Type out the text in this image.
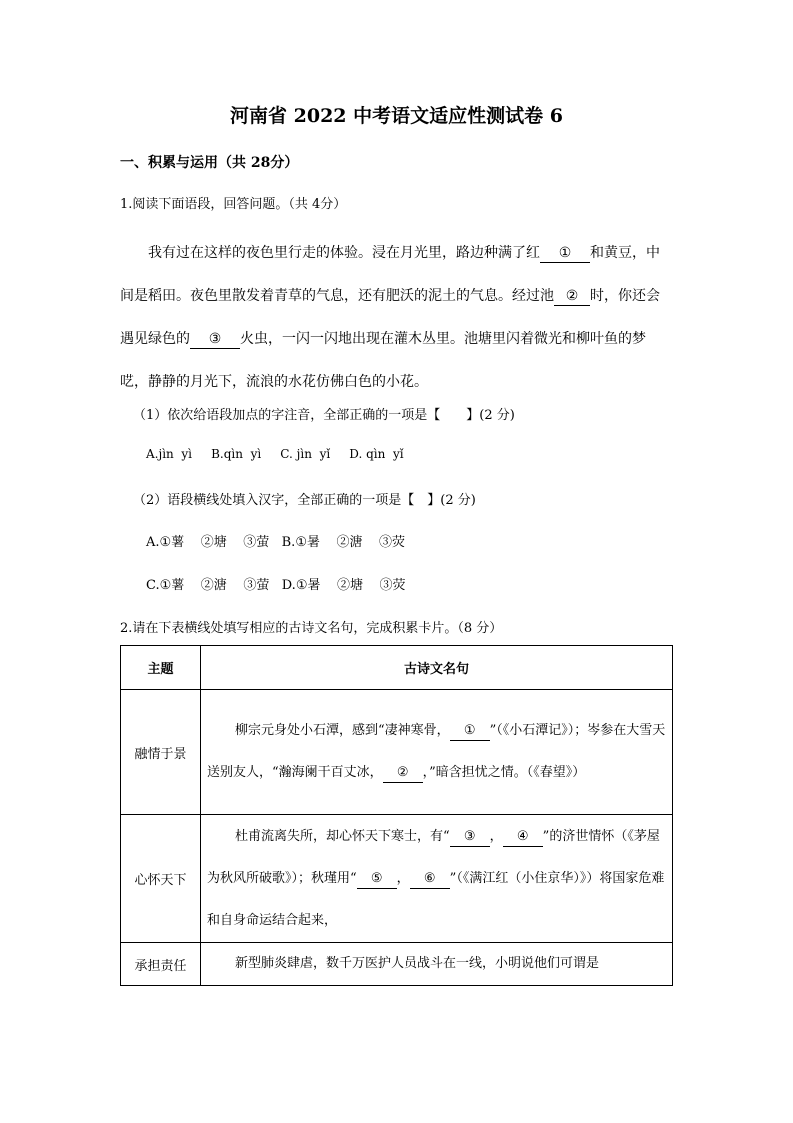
河南省 2022 中考语文适应性测试卷 6
一、积累与运用（共 28分）
1.阅读下面语段，回答问题。（共 4分）
我有过在这样的夜色里行走的体验。浸在月光里，路边种满了红 ① 和黄豆，中间是稻田。夜色里散发着青草的气息，还有肥沃的泥土的气息。经过池 ② 时，你还会遇见绿色的 ③ 火虫，一闪一闪地出现在灌木丛里。池塘里闪着微光和柳叶鱼的梦呓，静静的月光下，流浪的水花仿佛白色的小花。
（1）依次给语段加点的字注音，全部正确的一项是【　　】(2 分)
A.jìn  yì     B.qìn  yì     C. jìn  yǐ     D. qìn  yǐ
（2）语段横线处填入汉字，全部正确的一项是【　】(2 分)
A.①薯    ②塘    ③萤   B.①暑    ②溏    ③荧
C.①薯    ②溏    ③萤   D.①暑    ②塘    ③荧
2.请在下表横线处填写相应的古诗文名句，完成积累卡片。（8 分）
主题	古诗文名句
融情于景	柳宗元身处小石潭，感到“凄神寒骨， ① ”（《小石潭记》）；岑参在大雪天送别友人，“瀚海阑干百丈冰， ② ，”暗含担忧之情。（《春望》）
心怀天下	杜甫流离失所，却心怀天下寒士，有“ ③ ， ④ ”的济世情怀（《茅屋为秋风所破歌》）；秋瑾用“ ⑤ ， ⑥ ”（《满江红（小住京华）》）将国家危难和自身命运结合起来，
承担责任	新型肺炎肆虐，数千万医护人员战斗在一线，小明说他们可谓是
